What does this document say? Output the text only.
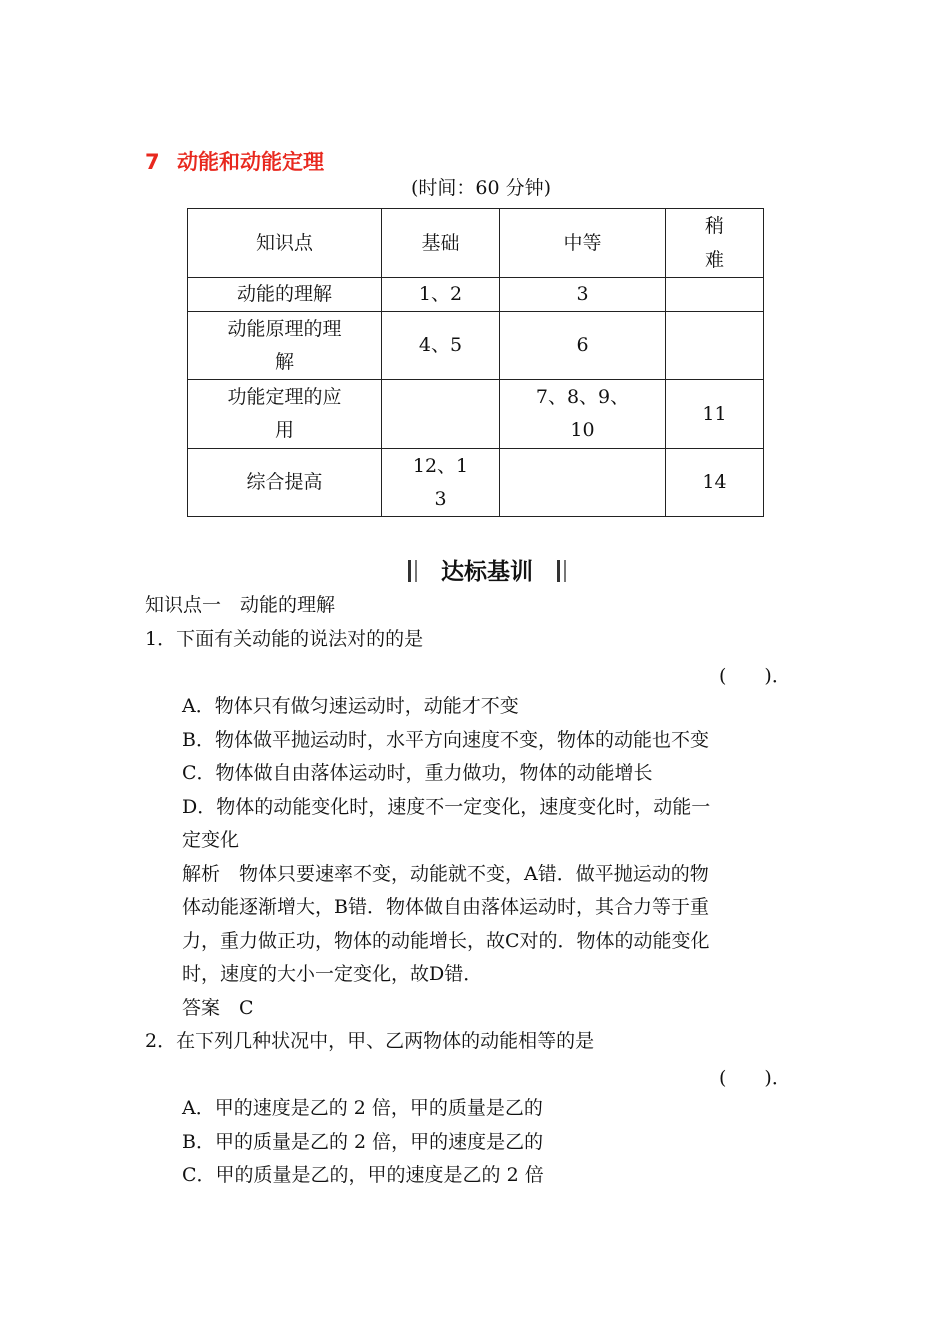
7 动能和动能定理
(时间：60 分钟)
知识点	基础	中等	稍难

动能的理解	1、2	3	

动能原理的理解	4、5	6	

功能定理的应用		7、8、9、10	11
综合提高	12、13		14
达标基训
知识点一　动能的理解
1．下面有关动能的说法对的的是
(　　)．
A．物体只有做匀速运动时，动能才不变
B．物体做平抛运动时，水平方向速度不变，物体的动能也不变
C．物体做自由落体运动时，重力做功，物体的动能增长
D．物体的动能变化时，速度不一定变化，速度变化时，动能一
定变化
解析　物体只要速率不变，动能就不变，A错．做平抛运动的物
体动能逐渐增大，B错．物体做自由落体运动时，其合力等于重
力，重力做正功，物体的动能增长，故C对的．物体的动能变化
时，速度的大小一定变化，故D错．
答案　C
2．在下列几种状况中，甲、乙两物体的动能相等的是
(　　)．
A．甲的速度是乙的 2 倍，甲的质量是乙的
B．甲的质量是乙的 2 倍，甲的速度是乙的
C．甲的质量是乙的，甲的速度是乙的 2 倍
